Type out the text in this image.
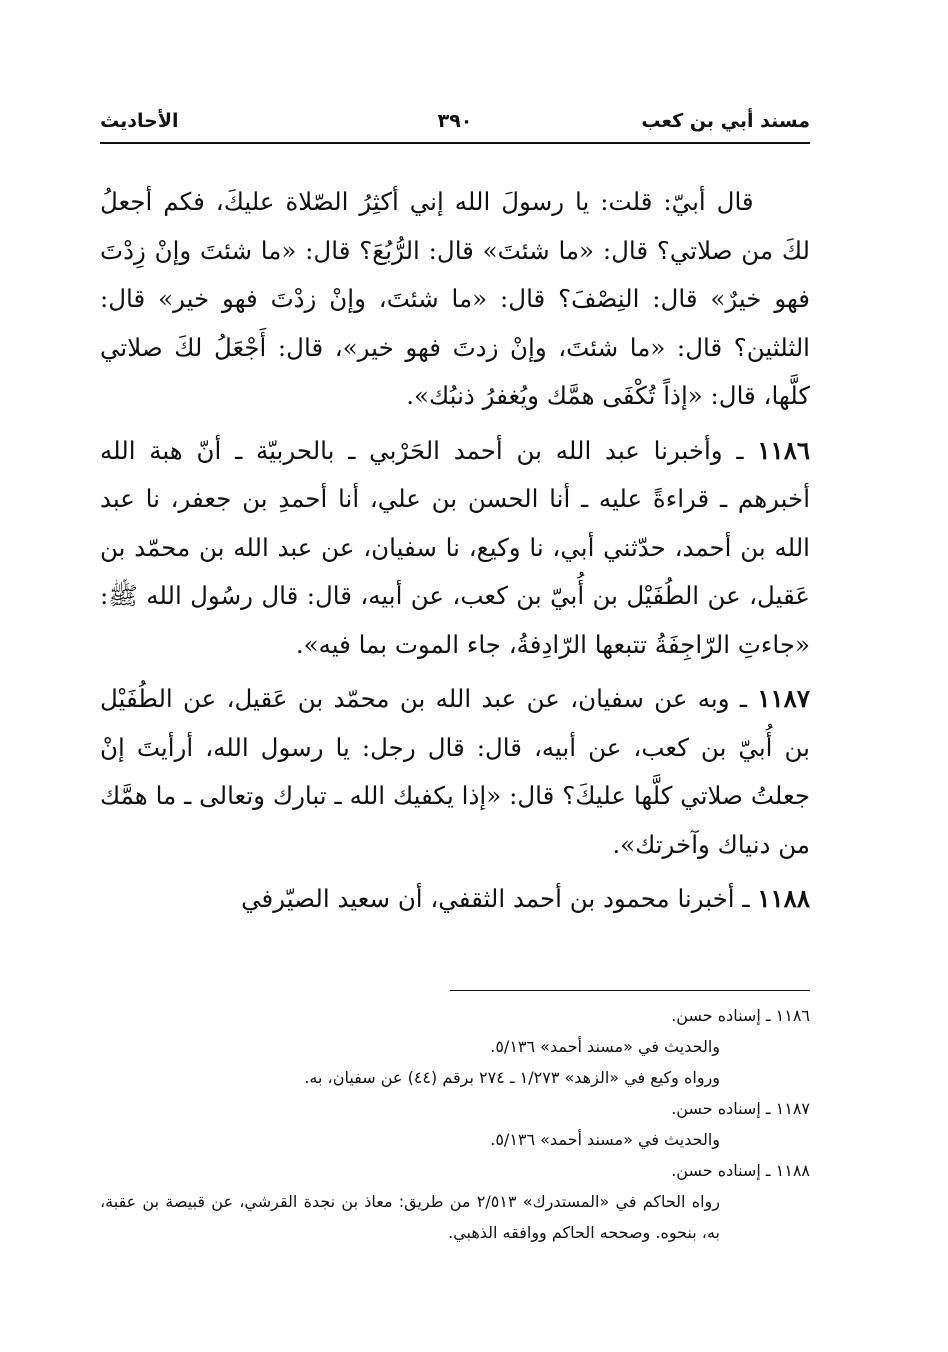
مسند أبي بن كعب
٣٩٠
الأحاديث

قال أبيّ: قلت: يا رسولَ الله إني أكثِرُ الصّلاة عليكَ، فكم أجعلُ لكَ من صلاتي؟ قال: «ما شئتَ» قال: الرُّبُعَ؟ قال: «ما شئتَ وإنْ زِدْتَ فهو خيرٌ» قال: النِصْفَ؟ قال: «ما شئتَ، وإنْ زدْتَ فهو خير» قال: الثلثين؟ قال: «ما شئتَ، وإنْ زدتَ فهو خير»، قال: أَجْعَلُ لكَ صلاتي كلَّها، قال: «إذاً تُكْفَى همَّك ويُغفرُ ذنبُك».

١١٨٦ ـ وأخبرنا عبد الله بن أحمد الحَرْبي ـ بالحربيّة ـ أنّ هبة الله أخبرهم ـ قراءةً عليه ـ أنا الحسن بن علي، أنا أحمدِ بن جعفر، نا عبد الله بن أحمد، حدّثني أبي، نا وكيع، نا سفيان، عن عبد الله بن محمّد بن عَقيل، عن الطُفَيْل بن أُبيّ بن كعب، عن أبيه، قال: قال رسُول الله ﷺ: «جاءتِ الرّاجِفَةُ تتبعها الرّادِفةُ، جاء الموت بما فيه».

١١٨٧ ـ وبه عن سفيان، عن عبد الله بن محمّد بن عَقيل، عن الطُفَيْل بن أُبيّ بن كعب، عن أبيه، قال: قال رجل: يا رسول الله، أرأيتَ إنْ جعلتُ صلاتي كلَّها عليكَ؟ قال: «إذا يكفيك الله ـ تبارك وتعالى ـ ما همَّك من دنياك وآخرتك».

١١٨٨ ـ أخبرنا محمود بن أحمد الثقفي، أن سعيد الصيّرفي

١١٨٦ ـ إسناده حسن.
والحديث في «مسند أحمد» ٥/١٣٦.
ورواه وكيع في «الزهد» ١/٢٧٣ ـ ٢٧٤ برقم (٤٤) عن سفيان، به.
١١٨٧ ـ إسناده حسن.
والحديث في «مسند أحمد» ٥/١٣٦.
١١٨٨ ـ إسناده حسن.
رواه الحاكم في «المستدرك» ٢/٥١٣ من طريق: معاذ بن نجدة القرشي، عن قبيصة بن عقبة، به، بنحوه. وصححه الحاكم ووافقه الذهبي.
